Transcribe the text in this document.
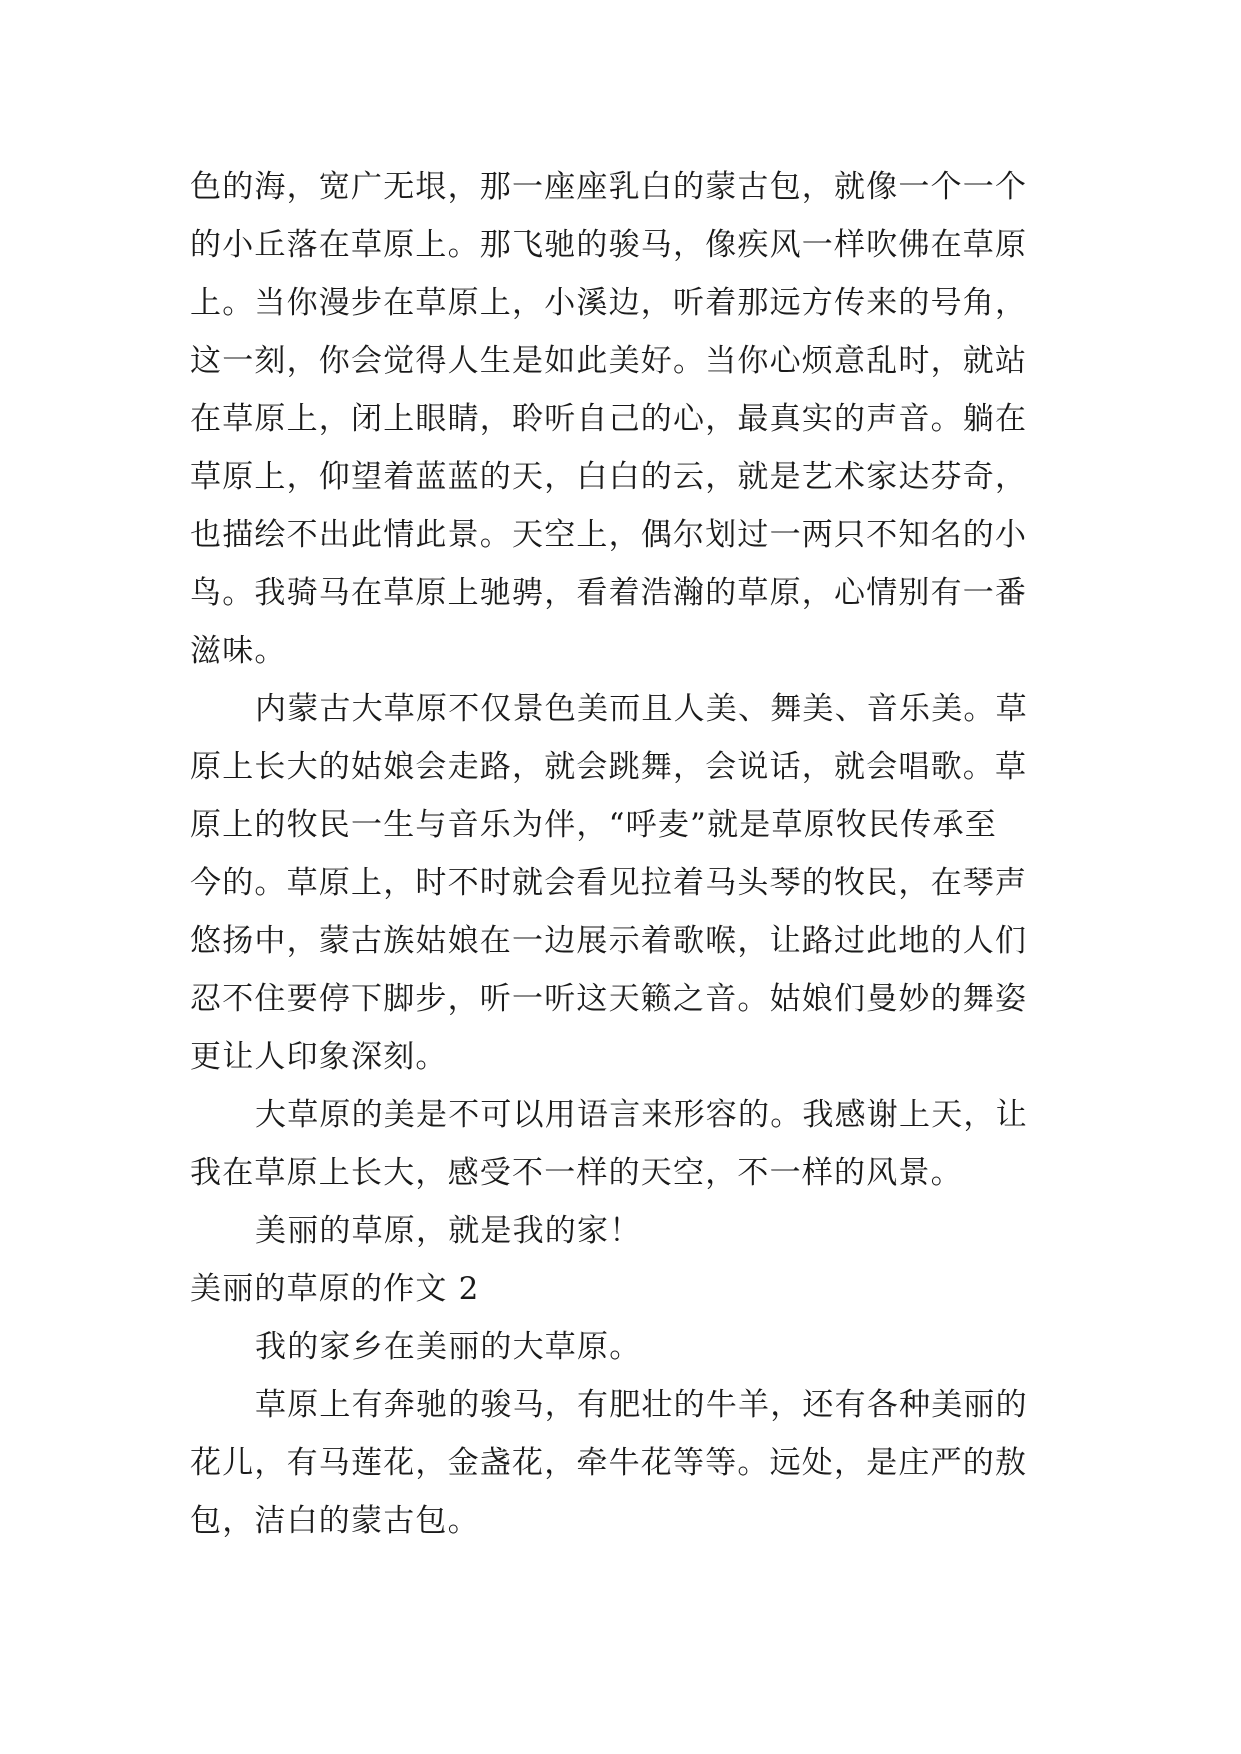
色的海，宽广无垠，那一座座乳白的蒙古包，就像一个一个
的小丘落在草原上。那飞驰的骏马，像疾风一样吹佛在草原
上。当你漫步在草原上，小溪边，听着那远方传来的号角，
这一刻，你会觉得人生是如此美好。当你心烦意乱时，就站
在草原上，闭上眼睛，聆听自己的心，最真实的声音。躺在
草原上，仰望着蓝蓝的天，白白的云，就是艺术家达芬奇，
也描绘不出此情此景。天空上，偶尔划过一两只不知名的小
鸟。我骑马在草原上驰骋，看着浩瀚的草原，心情别有一番
滋味。
内蒙古大草原不仅景色美而且人美、舞美、音乐美。草
原上长大的姑娘会走路，就会跳舞，会说话，就会唱歌。草
原上的牧民一生与音乐为伴，“呼麦”就是草原牧民传承至
今的。草原上，时不时就会看见拉着马头琴的牧民，在琴声
悠扬中，蒙古族姑娘在一边展示着歌喉，让路过此地的人们
忍不住要停下脚步，听一听这天籁之音。姑娘们曼妙的舞姿
更让人印象深刻。
大草原的美是不可以用语言来形容的。我感谢上天，让
我在草原上长大，感受不一样的天空，不一样的风景。
美丽的草原，就是我的家！
美丽的草原的作文 2
我的家乡在美丽的大草原。
草原上有奔驰的骏马，有肥壮的牛羊，还有各种美丽的
花儿，有马莲花，金盏花，牵牛花等等。远处，是庄严的敖
包，洁白的蒙古包。
